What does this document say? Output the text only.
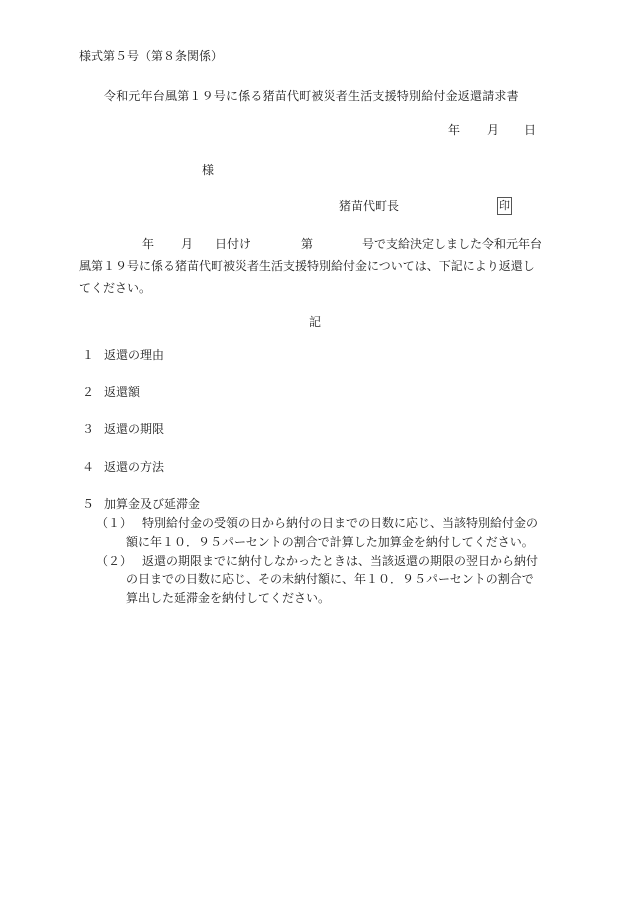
様式第５号（第８条関係）
令和元年台風第１９号に係る猪苗代町被災者生活支援特別給付金返還請求書
年 月 日
様
猪苗代町長	印
年 月 日付け	第	号で支給決定しました令和元年台
風第１９号に係る猪苗代町被災者生活支援特別給付金については、下記により返還し
てください。
記
１ 返還の理由
２ 返還額
３ 返還の期限
４ 返還の方法
５ 加算金及び延滞金
（１） 特別給付金の受領の日から納付の日までの日数に応じ、当該特別給付金の
額に年１０．９５パーセントの割合で計算した加算金を納付してください。
（２） 返還の期限までに納付しなかったときは、当該返還の期限の翌日から納付
の日までの日数に応じ、その未納付額に、年１０．９５パーセントの割合で
算出した延滞金を納付してください。
